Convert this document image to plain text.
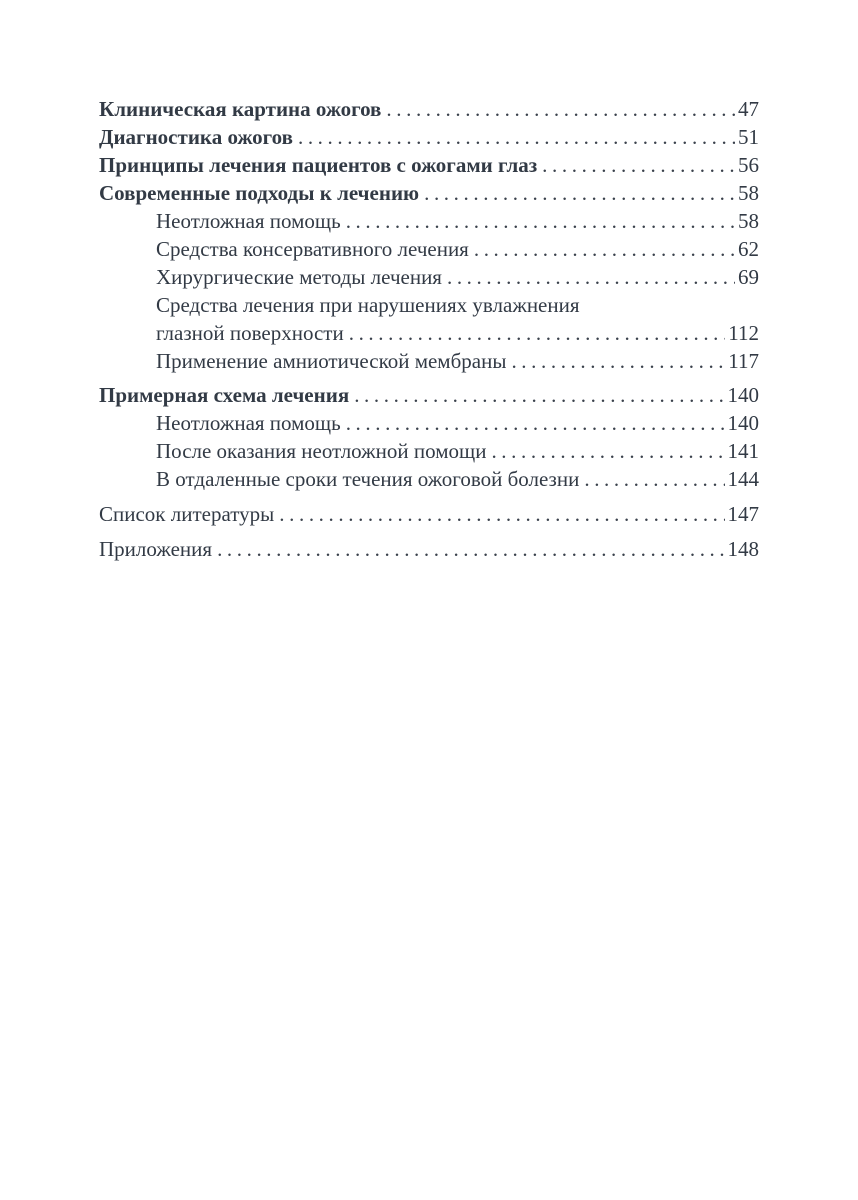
Клиническая картина ожогов .....	47
Диагностика ожогов .....	51
Принципы лечения пациентов с ожогами глаз .....	56
Современные подходы к лечению .....	58
Неотложная помощь .....	58
Средства консервативного лечения .....	62
Хирургические методы лечения .....	69
Средства лечения при нарушениях увлажнения
глазной поверхности .....	112
Применение амниотической мембраны .....	117
Примерная схема лечения .....	140
Неотложная помощь .....	140
После оказания неотложной помощи .....	141
В отдаленные сроки течения ожоговой болезни .....	144
Список литературы .....	147
Приложения .....	148
